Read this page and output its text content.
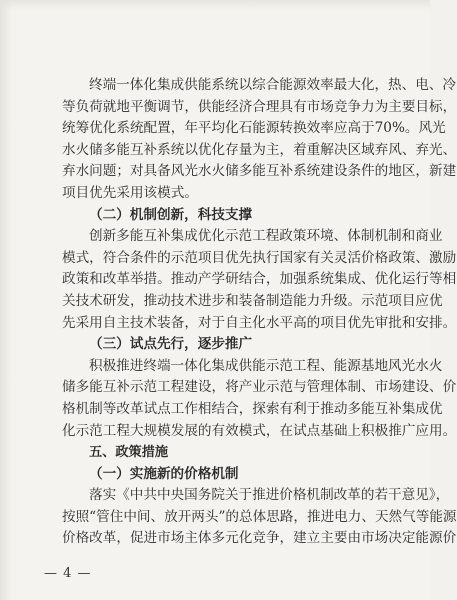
终端一体化集成供能系统以综合能源效率最大化，热、电、冷
等负荷就地平衡调节，供能经济合理具有市场竞争力为主要目标，
统筹优化系统配置，年平均化石能源转换效率应高于70%。风光
水火储多能互补系统以优化存量为主，着重解决区域弃风、弃光、
弃水问题；对具备风光水火储多能互补系统建设条件的地区，新建
项目优先采用该模式。
（二）机制创新，科技支撑
创新多能互补集成优化示范工程政策环境、体制机制和商业
模式，符合条件的示范项目优先执行国家有关灵活价格政策、激励
政策和改革举措。推动产学研结合，加强系统集成、优化运行等相
关技术研发，推动技术进步和装备制造能力升级。示范项目应优
先采用自主技术装备，对于自主化水平高的项目优先审批和安排。
（三）试点先行，逐步推广
积极推进终端一体化集成供能示范工程、能源基地风光水火
储多能互补示范工程建设，将产业示范与管理体制、市场建设、价
格机制等改革试点工作相结合，探索有利于推动多能互补集成优
化示范工程大规模发展的有效模式，在试点基础上积极推广应用。
五、政策措施
（一）实施新的价格机制
落实《中共中央国务院关于推进价格机制改革的若干意见》，
按照“管住中间、放开两头”的总体思路，推进电力、天然气等能源
价格改革，促进市场主体多元化竞争，建立主要由市场决定能源价
— 4 —
